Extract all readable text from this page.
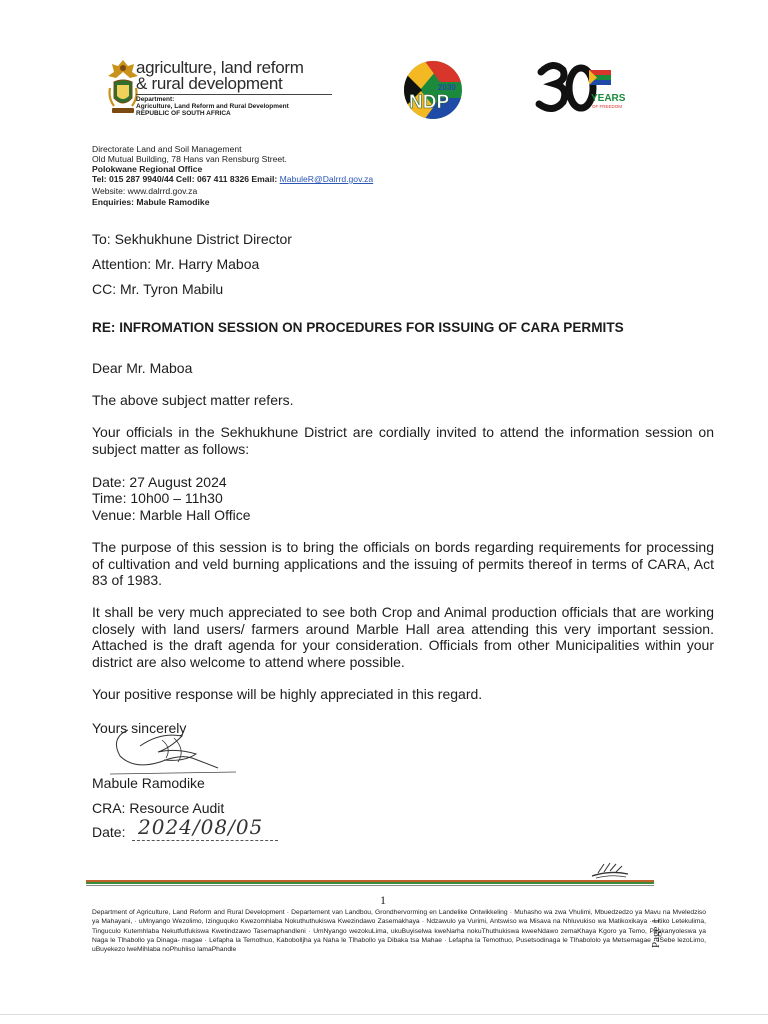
agriculture, land reform
& rural development
Department:
Agriculture, Land Reform and Rural Development
REPUBLIC OF SOUTH AFRICA
2030
NDP	YEARS
OF FREEDOM
Directorate Land and Soil Management
Old Mutual Building, 78 Hans van Rensburg Street.
Polokwane Regional Office
Tel: 015 287 9940/44 Cell: 067 411 8326 Email: MabuleR@Dalrrd.gov.za
Website: www.dalrrd.gov.za
Enquiries: Mabule Ramodike
To: Sekhukhune District Director
Attention: Mr. Harry Maboa
CC: Mr. Tyron Mabilu
RE: INFROMATION SESSION ON PROCEDURES FOR ISSUING OF CARA PERMITS
Dear Mr. Maboa
The above subject matter refers.
Your officials in the Sekhukhune District are cordially invited to attend the information session on subject matter as follows:
Date: 27 August 2024
Time: 10h00 – 11h30
Venue: Marble Hall Office
The purpose of this session is to bring the officials on bords regarding requirements for processing of cultivation and veld burning applications and the issuing of permits thereof in terms of CARA, Act 83 of 1983.
It shall be very much appreciated to see both Crop and Animal production officials that are working closely with land users/ farmers around Marble Hall area attending this very important session. Attached is the draft agenda for your consideration. Officials from other Municipalities within your district are also welcome to attend where possible.
Your positive response will be highly appreciated in this regard.
Yours sincerely
Mabule Ramodike
CRA: Resource Audit
Date: 2024/08/05
1
Department of Agriculture, Land Reform and Rural Development · Departement van Landbou, Grondhervorming en Landelike Ontwikkeling · Muhasho wa zwa Vhulimi, Mbuedzedzo ya Mavu na Mveledziso ya Mahayani, · uMnyango Wezolimo, Izinguquko Kwezomhlaba Nokuthuthukiswa Kwezindawo Zasemakhaya · Ndzawulo ya Vurimi, Antswiso wa Misava na Nhluvukiso wa Matikoxikaya · Litiko Letekulima, Tinguculo Kutemhlaba Nekutfutfukiswa Kwetindzawo Tasemaphandleni · UmNyango wezokuLima, ukuBuyiselwa kweNarha nokuThuthukiswa kweeNdawo zemaKhaya Kgoro ya Temo, Peakanyoleswa ya Naga le Tlhabollo ya Dinaga- magae · Lefapha la Temothuo, Kabobolljha ya Naha le Tlhabollo ya Dibaka tsa Mahae · Lefapha la Temothuo, Pusetsodinaga le Tlhabololo ya Metsemagae · ISebe lezoLimo, uBuyekezo lweMihlaba noPhuhliso lamaPhandle
Page 1
